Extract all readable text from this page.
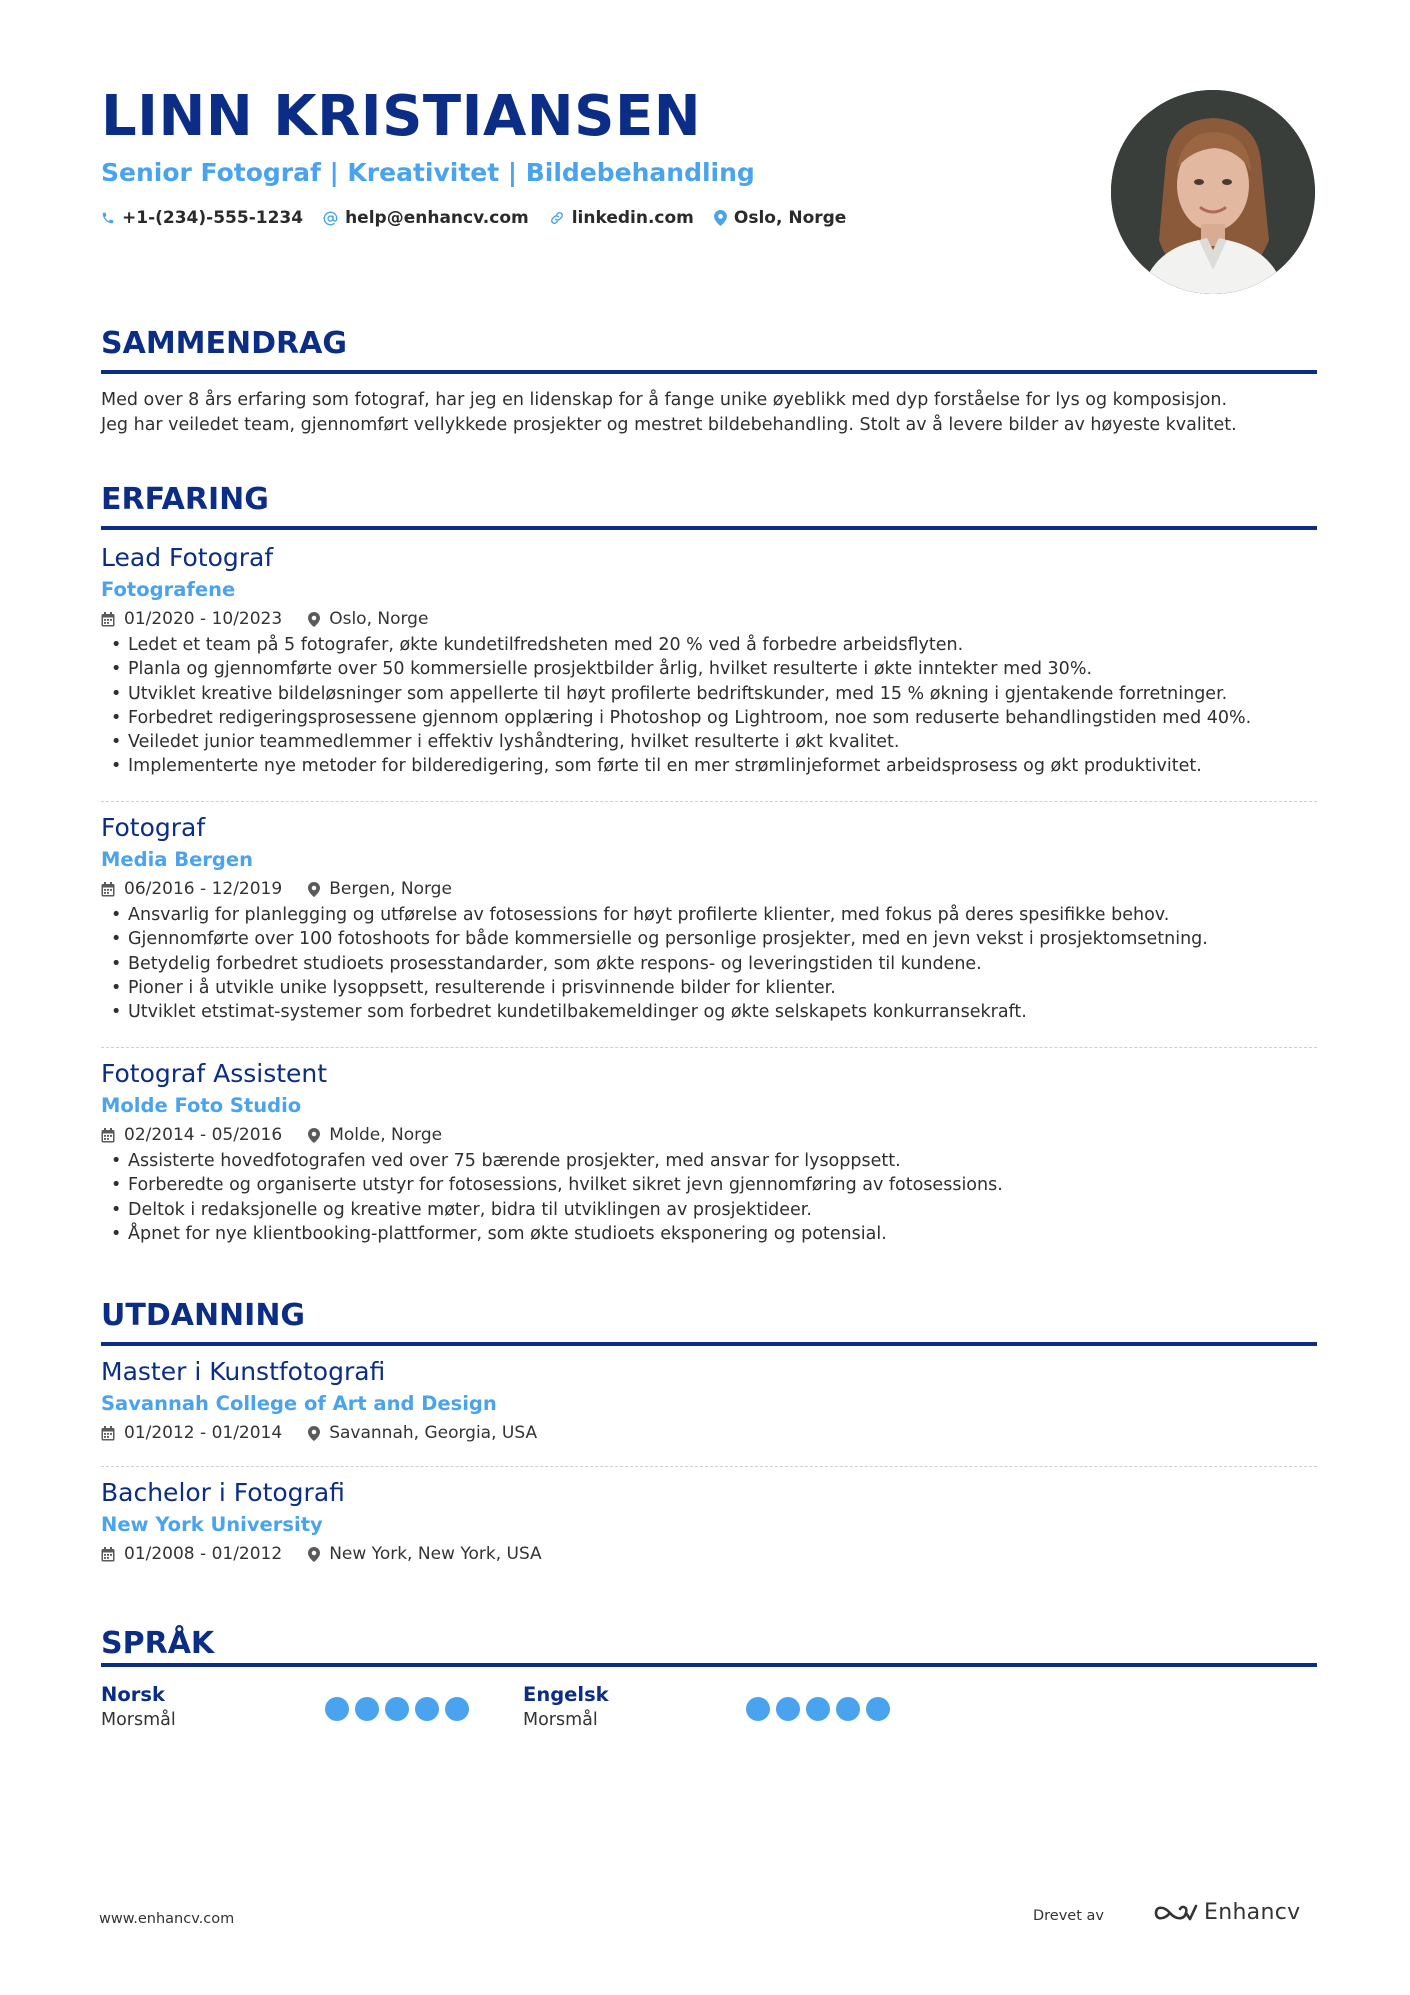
LINN KRISTIANSEN
Senior Fotograf | Kreativitet | Bildebehandling
+1-(234)-555-1234 help@enhancv.com	linkedin.com Oslo, Norge
SAMMENDRAG
Med over 8 års erfaring som fotograf, har jeg en lidenskap for å fange unike øyeblikk med dyp forståelse for lys og komposisjon.
Jeg har veiledet team, gjennomført vellykkede prosjekter og mestret bildebehandling. Stolt av å levere bilder av høyeste kvalitet.
ERFARING
Lead Fotograf
Fotografene
01/2020 - 10/2023	Oslo, Norge
• Ledet et team på 5 fotografer, økte kundetilfredsheten med 20 % ved å forbedre arbeidsflyten.
• Planla og gjennomførte over 50 kommersielle prosjektbilder årlig, hvilket resulterte i økte inntekter med 30%.
• Utviklet kreative bildeløsninger som appellerte til høyt profilerte bedriftskunder, med 15 % økning i gjentakende forretninger.
• Forbedret redigeringsprosessene gjennom opplæring i Photoshop og Lightroom, noe som reduserte behandlingstiden med 40%.
• Veiledet junior teammedlemmer i effektiv lyshåndtering, hvilket resulterte i økt kvalitet.
• Implementerte nye metoder for bilderedigering, som førte til en mer strømlinjeformet arbeidsprosess og økt produktivitet.
Fotograf
Media Bergen
06/2016 - 12/2019	Bergen, Norge
• Ansvarlig for planlegging og utførelse av fotosessions for høyt profilerte klienter, med fokus på deres spesifikke behov.
• Gjennomførte over 100 fotoshoots for både kommersielle og personlige prosjekter, med en jevn vekst i prosjektomsetning.
• Betydelig forbedret studioets prosesstandarder, som økte respons- og leveringstiden til kundene.
• Pioner i å utvikle unike lysoppsett, resulterende i prisvinnende bilder for klienter.
• Utviklet etstimat-systemer som forbedret kundetilbakemeldinger og økte selskapets konkurransekraft.
Fotograf Assistent
Molde Foto Studio
02/2014 - 05/2016	Molde, Norge
• Assisterte hovedfotografen ved over 75 bærende prosjekter, med ansvar for lysoppsett.
• Forberedte og organiserte utstyr for fotosessions, hvilket sikret jevn gjennomføring av fotosessions.
• Deltok i redaksjonelle og kreative møter, bidra til utviklingen av prosjektideer.
• Åpnet for nye klientbooking-plattformer, som økte studioets eksponering og potensial.
UTDANNING
Master i Kunstfotografi
Savannah College of Art and Design
01/2012 - 01/2014	Savannah, Georgia, USA
Bachelor i Fotografi
New York University
01/2008 - 01/2012	New York, New York, USA
SPRÅK
Norsk
Morsmål
Engelsk
Morsmål
www.enhancv.com	Drevet av	Enhancv
